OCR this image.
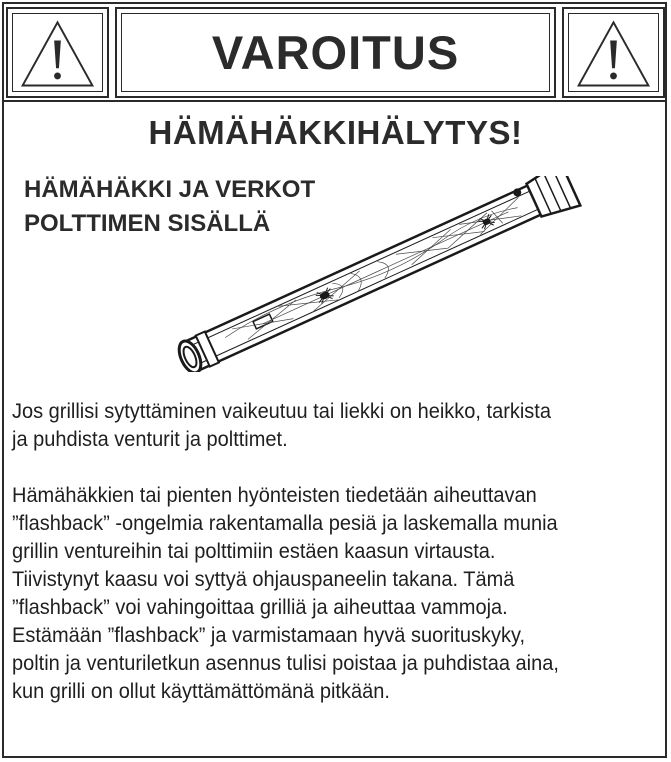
VAROITUS
HÄMÄHÄKKIHÄLYTYS!
HÄMÄHÄKKI JA VERKOT
POLTTIMEN SISÄLLÄ
Jos grillisi sytyttäminen vaikeutuu tai liekki on heikko, tarkista
ja puhdista venturit ja polttimet.
Hämähäkkien tai pienten hyönteisten tiedetään aiheuttavan
”flashback” -ongelmia rakentamalla pesiä ja laskemalla munia
grillin ventureihin tai polttimiin estäen kaasun virtausta.
Tiivistynyt kaasu voi syttyä ohjauspaneelin takana. Tämä
”flashback” voi vahingoittaa grilliä ja aiheuttaa vammoja.
Estämään ”flashback” ja varmistamaan hyvä suorituskyky,
poltin ja venturiletkun asennus tulisi poistaa ja puhdistaa aina,
kun grilli on ollut käyttämättömänä pitkään.
